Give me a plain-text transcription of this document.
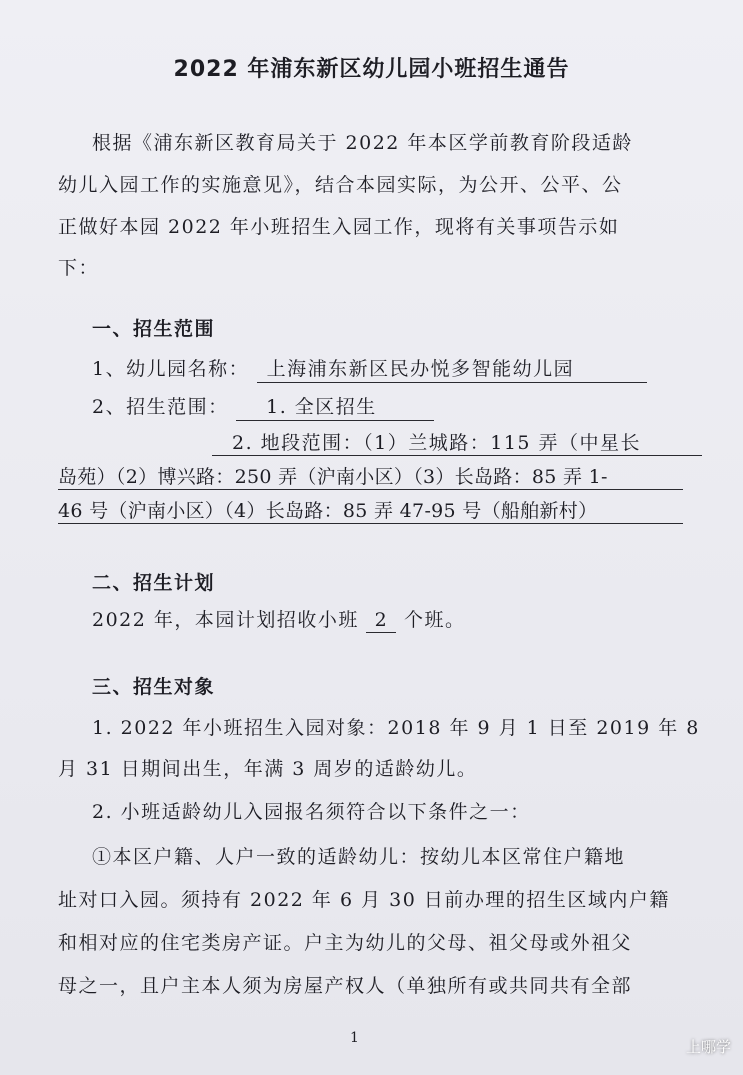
2022 年浦东新区幼儿园小班招生通告
根据《浦东新区教育局关于 2022 年本区学前教育阶段适龄
幼儿入园工作的实施意见》，结合本园实际，为公开、公平、公
正做好本园 2022 年小班招生入园工作，现将有关事项告示如
下：
一、招生范围
1、幼儿园名称： 上海浦东新区民办悦多智能幼儿园
2、招生范围： 1. 全区招生
2. 地段范围：（1）兰城路：115 弄（中星长
岛苑）（2）博兴路：250 弄（沪南小区）（3）长岛路：85 弄 1-
46 号（沪南小区）（4）长岛路：85 弄 47-95 号（船舶新村）
二、招生计划
2022 年，本园计划招收小班 2 个班。
三、招生对象
1. 2022 年小班招生入园对象：2018 年 9 月 1 日至 2019 年 8
月 31 日期间出生，年满 3 周岁的适龄幼儿。
2. 小班适龄幼儿入园报名须符合以下条件之一：
①本区户籍、人户一致的适龄幼儿：按幼儿本区常住户籍地
址对口入园。须持有 2022 年 6 月 30 日前办理的招生区域内户籍
和相对应的住宅类房产证。户主为幼儿的父母、祖父母或外祖父
母之一，且户主本人须为房屋产权人（单独所有或共同共有全部
1	上哪学
